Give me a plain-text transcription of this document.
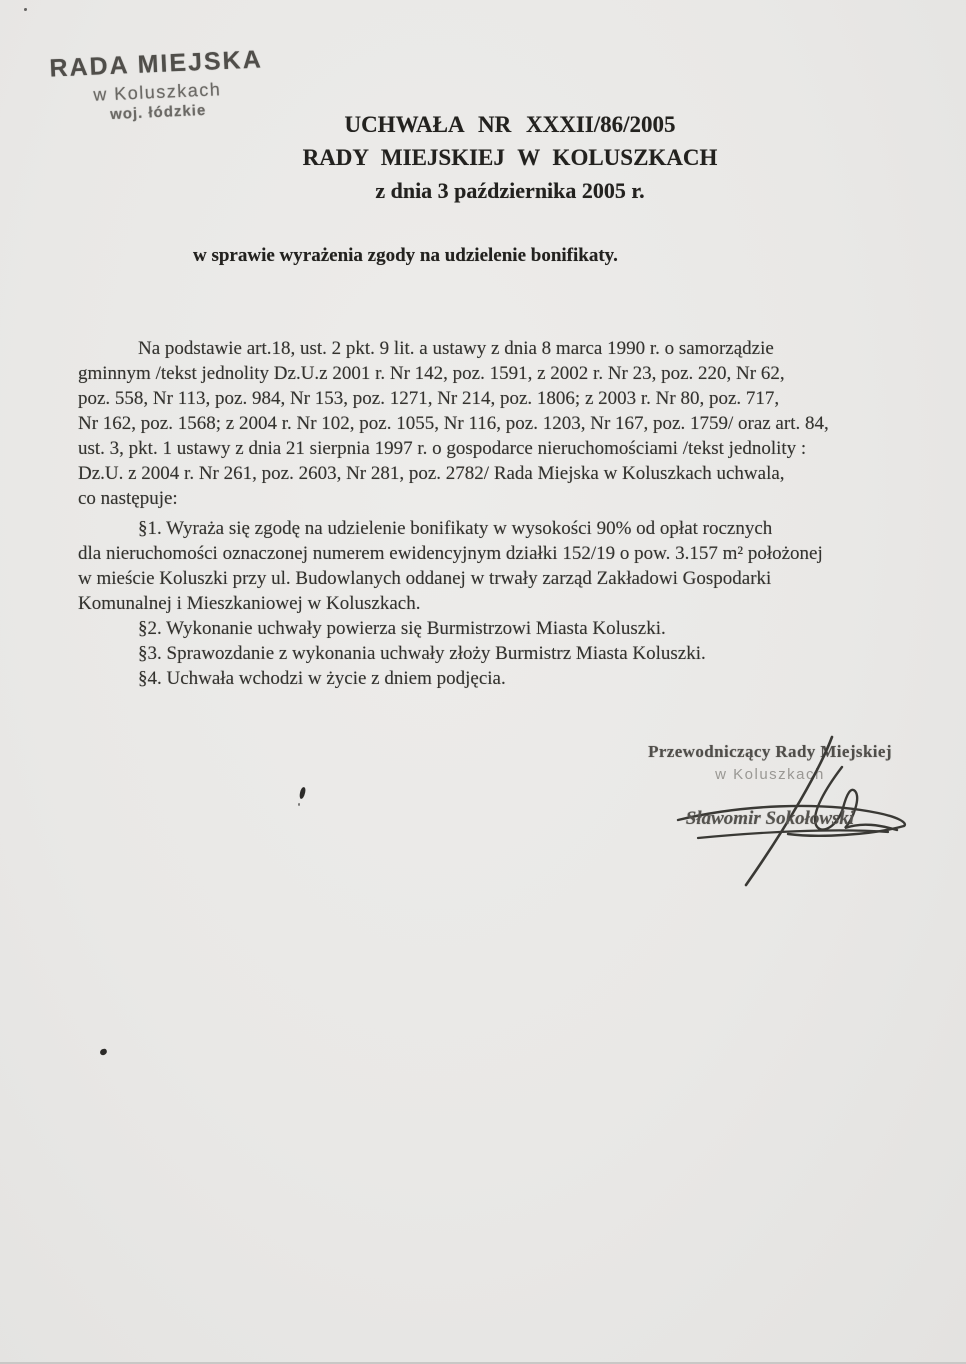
RADA MIEJSKA
w Koluszkach
woj. łódzkie	UCHWAŁA NR XXXII/86/2005
RADY MIEJSKIEJ W KOLUSZKACH
z dnia 3 października 2005 r.
w sprawie wyrażenia zgody na udzielenie bonifikaty.
Na podstawie art.18, ust. 2 pkt. 9 lit. a ustawy z dnia 8 marca 1990 r. o samorządzie
gminnym /tekst jednolity Dz.U.z 2001 r. Nr 142, poz. 1591, z 2002 r. Nr 23, poz. 220, Nr 62,
poz. 558, Nr 113, poz. 984, Nr 153, poz. 1271, Nr 214, poz. 1806; z 2003 r. Nr 80, poz. 717,
Nr 162, poz. 1568; z 2004 r. Nr 102, poz. 1055, Nr 116, poz. 1203, Nr 167, poz. 1759/ oraz art. 84,
ust. 3, pkt. 1 ustawy z dnia 21 sierpnia 1997 r. o gospodarce nieruchomościami /tekst jednolity :
Dz.U. z 2004 r. Nr 261, poz. 2603, Nr 281, poz. 2782/ Rada Miejska w Koluszkach uchwala,
co następuje:
§1. Wyraża się zgodę na udzielenie bonifikaty w wysokości 90% od opłat rocznych
dla nieruchomości oznaczonej numerem ewidencyjnym działki 152/19 o pow. 3.157 m² położonej
w mieście Koluszki przy ul. Budowlanych oddanej w trwały zarząd Zakładowi Gospodarki
Komunalnej i Mieszkaniowej w Koluszkach.
§2. Wykonanie uchwały powierza się Burmistrzowi Miasta Koluszki.
§3. Sprawozdanie z wykonania uchwały złoży Burmistrz Miasta Koluszki.
§4. Uchwała wchodzi w życie z dniem podjęcia.
Przewodniczący Rady Miejskiej
w Koluszkach
Sławomir Sokołowski
